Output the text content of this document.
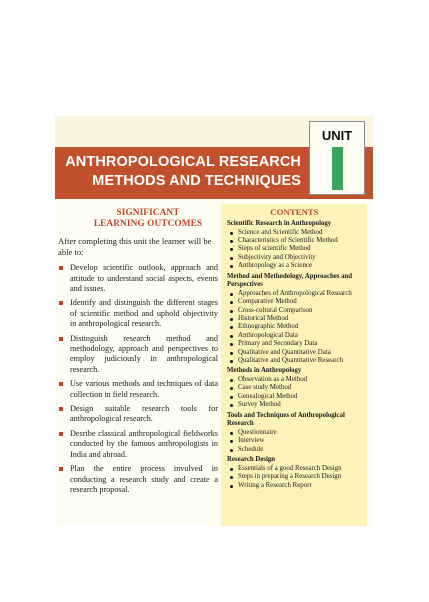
ANTHROPOLOGICAL RESEARCH
METHODS AND TECHNIQUES
UNIT
SIGNIFICANT
LEARNING OUTCOMES

After completing this unit the learner will be able to:

Develop scientific outlook, approach and attitude to understand social aspects, events and issues.
Identify and distinguish the different stages of scientific method and uphold objectivity in anthropological research.
Distinguish research method and methodology, approach and perspectives to employ judiciously in anthropological research.
Use various methods and techniques of data collection in field research.
Design suitable research tools for anthropological research.
Desribe classical anthropological fieldworks conducted by the famous anthropologists in India and abroad.
Plan the entire process involved in conducting a research study and create a research proposal.
CONTENTS
Scientific Research in Anthropology
Science and Scientific Method
Characteristics of Scientific Method
Steps of scientific Method
Subjectivity and Objectivity
Anthropology as a Science
Method and Methodology, Approaches and Perspectives
Approaches of Anthropological Research
Comparative Method
Cross-cultural Comparison
Historical Method
Ethnographic Method
Anthropological Data
Primary and Secondary Data
Qualitative and Quantitative Data
Qualitative and Quantitative Research
Methods in Anthropology
Observation as a Method
Case study Method
Genealogical Method
Survey Method
Tools and Techniques of Anthropological Research
Questionnaire
Interview
Schedule
Research Design
Essentials of a good Research Design
Steps in preparing a Research Design
Writing a Research Report
